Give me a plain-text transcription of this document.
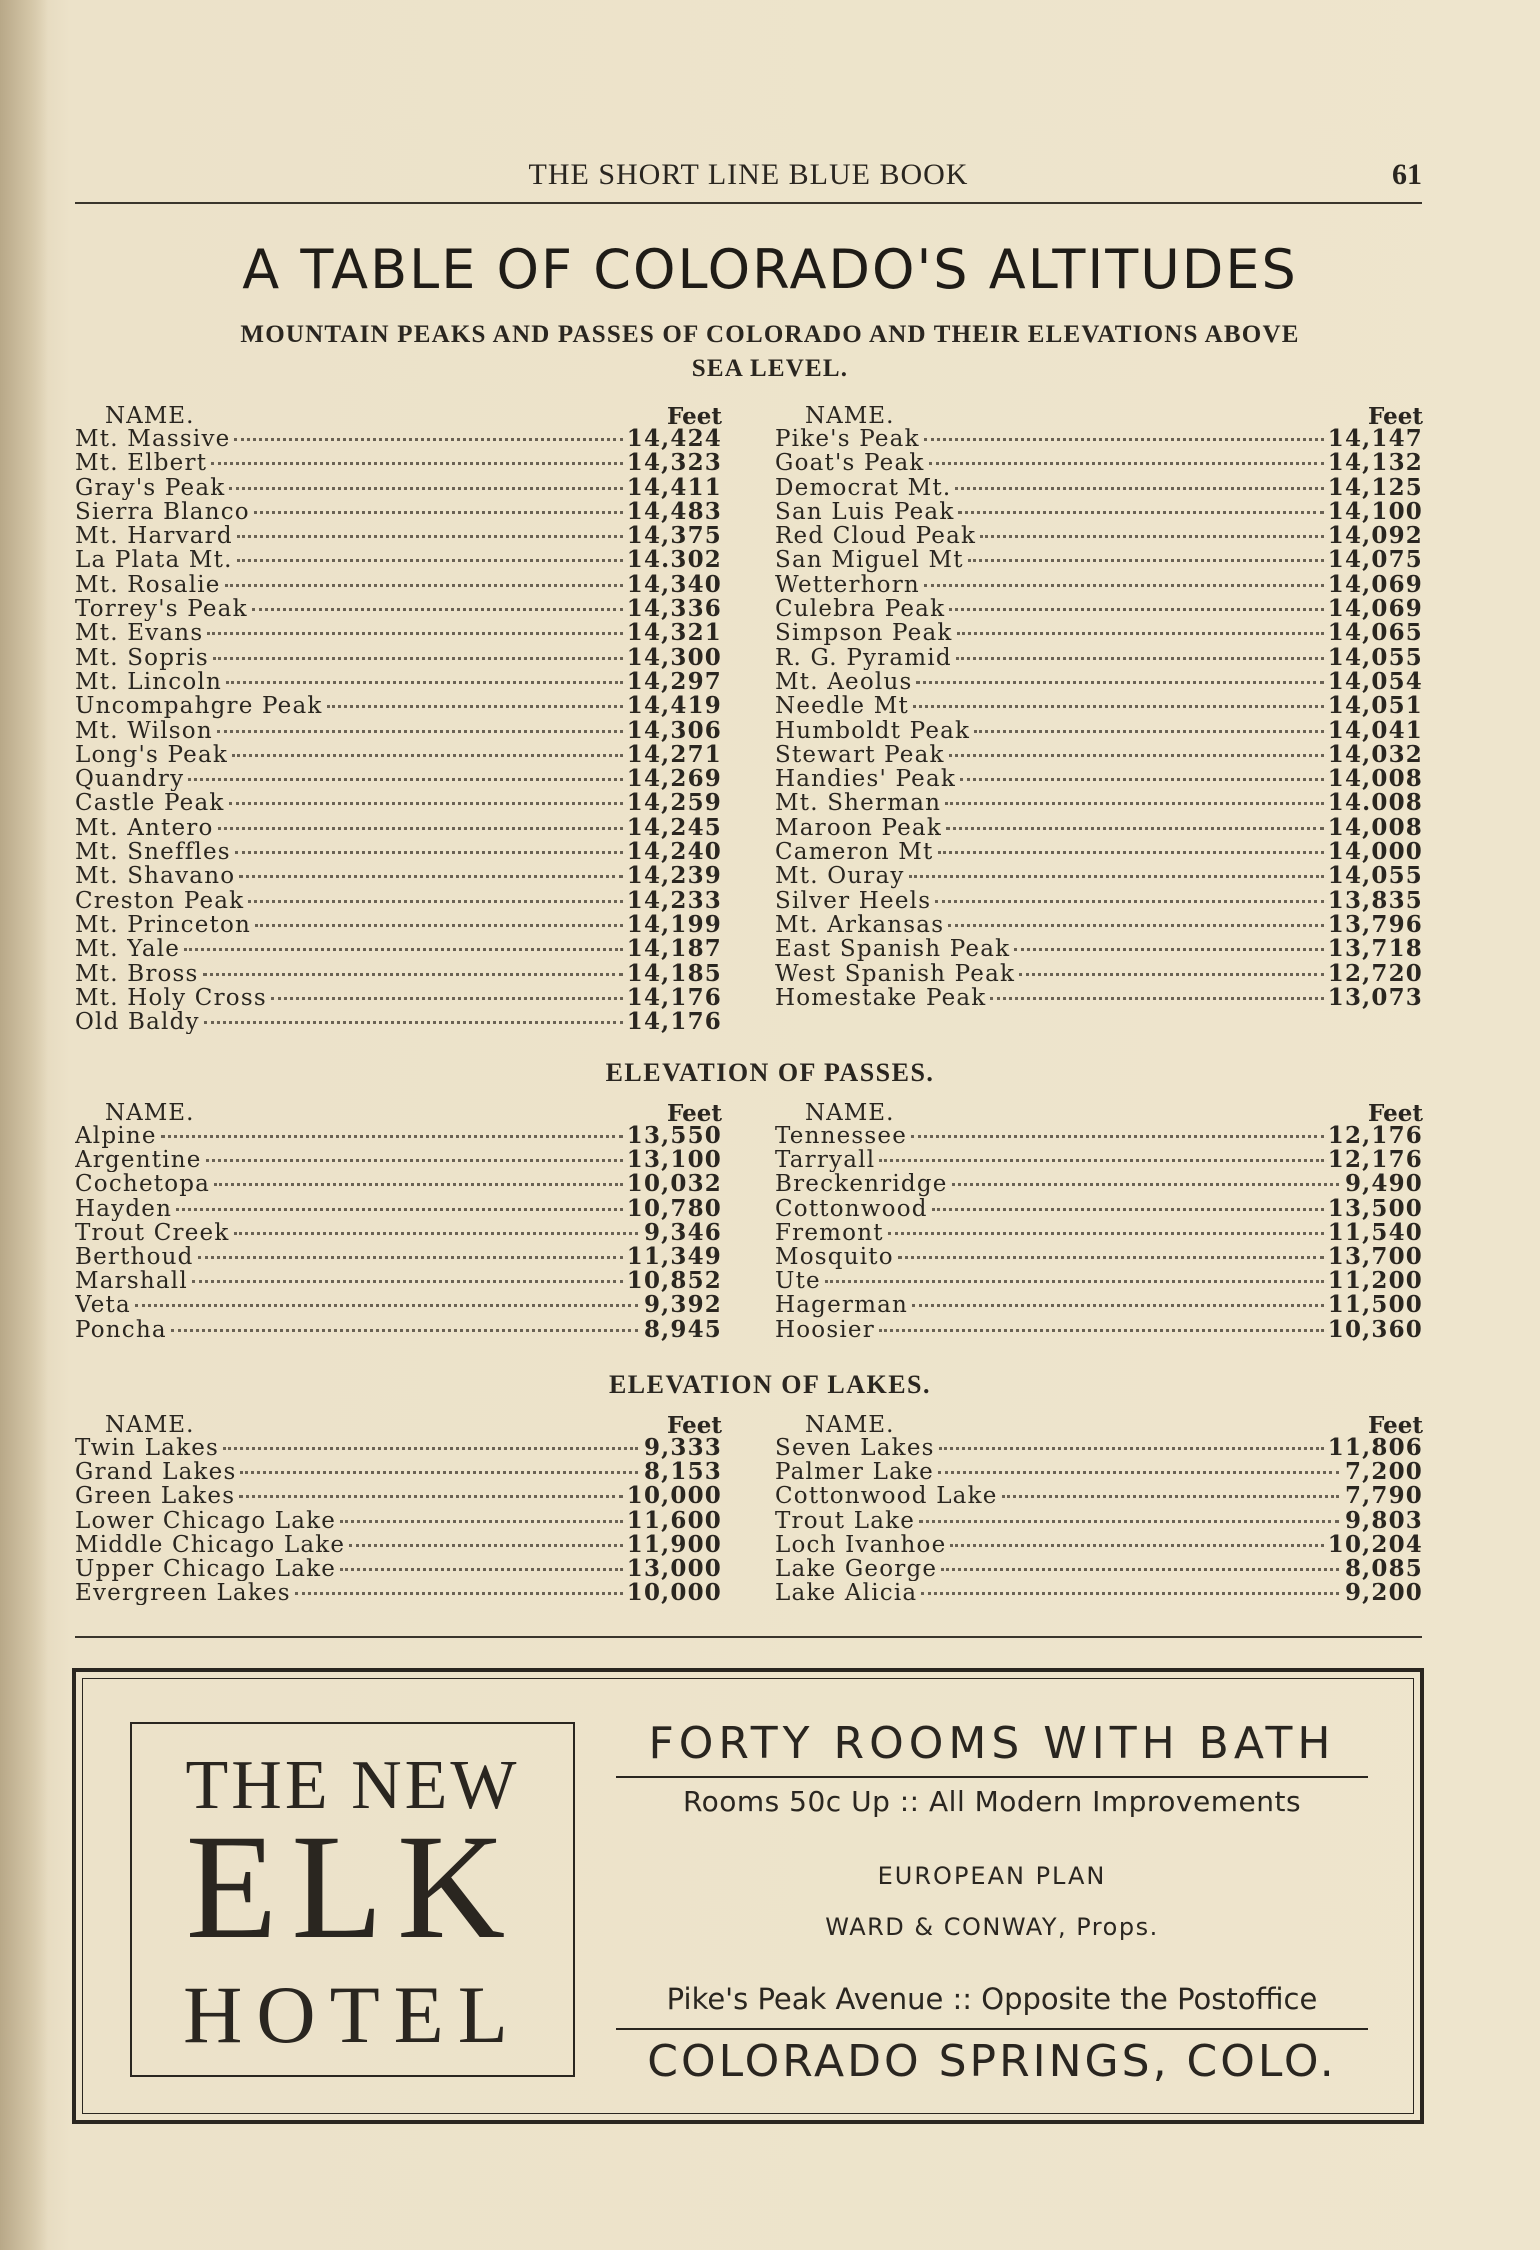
THE SHORT LINE BLUE BOOK	61
A TABLE OF COLORADO'S ALTITUDES
MOUNTAIN PEAKS AND PASSES OF COLORADO AND THEIR ELEVATIONS ABOVE
SEA LEVEL.
NAME.	Feet
Mt. Massive	14,424
Mt. Elbert	14,323
Gray's Peak	14,411
Sierra Blanco	14,483
Mt. Harvard	14,375
La Plata Mt.	14.302
Mt. Rosalie	14,340
Torrey's Peak	14,336
Mt. Evans	14,321
Mt. Sopris	14,300
Mt. Lincoln	14,297
Uncompahgre Peak	14,419
Mt. Wilson	14,306
Long's Peak	14,271
Quandry	14,269
Castle Peak	14,259
Mt. Antero	14,245
Mt. Sneffles	14,240
Mt. Shavano	14,239
Creston Peak	14,233
Mt. Princeton	14,199
Mt. Yale	14,187
Mt. Bross	14,185
Mt. Holy Cross	14,176
Old Baldy	14,176
NAME.	Feet
Pike's Peak	14,147
Goat's Peak	14,132
Democrat Mt.	14,125
San Luis Peak	14,100
Red Cloud Peak	14,092
San Miguel Mt	14,075
Wetterhorn	14,069
Culebra Peak	14,069
Simpson Peak	14,065
R. G. Pyramid	14,055
Mt. Aeolus	14,054
Needle Mt	14,051
Humboldt Peak	14,041
Stewart Peak	14,032
Handies' Peak	14,008
Mt. Sherman	14.008
Maroon Peak	14,008
Cameron Mt	14,000
Mt. Ouray	14,055
Silver Heels	13,835
Mt. Arkansas	13,796
East Spanish Peak	13,718
West Spanish Peak	12,720
Homestake Peak	13,073
ELEVATION OF PASSES.
NAME.	Feet
Alpine	13,550
Argentine	13,100
Cochetopa	10,032
Hayden	10,780
Trout Creek	9,346
Berthoud	11,349
Marshall	10,852
Veta	9,392
Poncha	8,945
NAME.	Feet
Tennessee	12,176
Tarryall	12,176
Breckenridge	9,490
Cottonwood	13,500
Fremont	11,540
Mosquito	13,700
Ute	11,200
Hagerman	11,500
Hoosier	10,360
ELEVATION OF LAKES.
NAME.	Feet
Twin Lakes	9,333
Grand Lakes	8,153
Green Lakes	10,000
Lower Chicago Lake	11,600
Middle Chicago Lake	11,900
Upper Chicago Lake	13,000
Evergreen Lakes	10,000
NAME.	Feet
Seven Lakes	11,806
Palmer Lake	7,200
Cottonwood Lake	7,790
Trout Lake	9,803
Loch Ivanhoe	10,204
Lake George	8,085
Lake Alicia	9,200
THE NEW
ELK
HOTEL
FORTY ROOMS WITH BATH
Rooms 50c Up :: All Modern Improvements
EUROPEAN PLAN
WARD & CONWAY, Props.
Pike's Peak Avenue :: Opposite the Postoffice
COLORADO SPRINGS, COLO.
